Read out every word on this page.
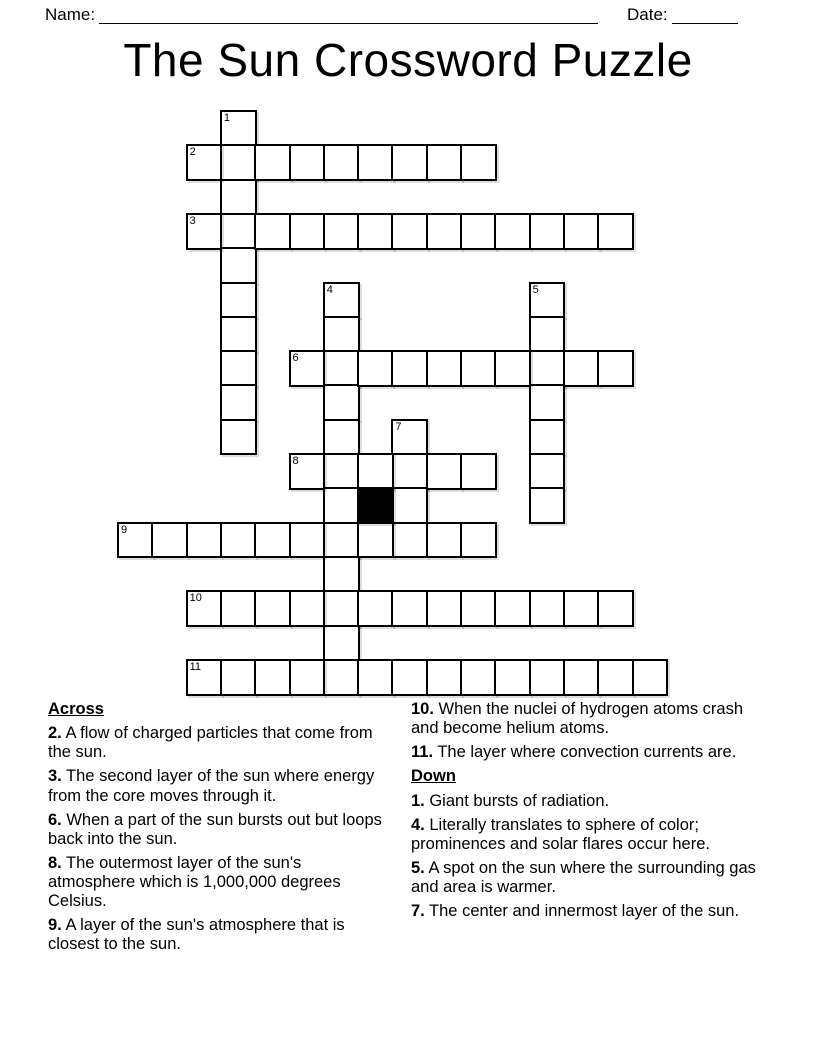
Name:	Date:
The Sun Crossword Puzzle
1
2
3
4	5
6
7
8
9
10
11
Across

2. A flow of charged particles that come from the sun.

3. The second layer of the sun where energy from the core moves through it.

6. When a part of the sun bursts out but loops back into the sun.

8. The outermost layer of the sun's atmosphere which is 1,000,000 degrees Celsius.

9. A layer of the sun's atmosphere that is closest to the sun.

10. When the nuclei of hydrogen atoms crash and become helium atoms.

11. The layer where convection currents are.

Down

1. Giant bursts of radiation.

4. Literally translates to sphere of color; prominences and solar flares occur here.

5. A spot on the sun where the surrounding gas and area is warmer.

7. The center and innermost layer of the sun.
